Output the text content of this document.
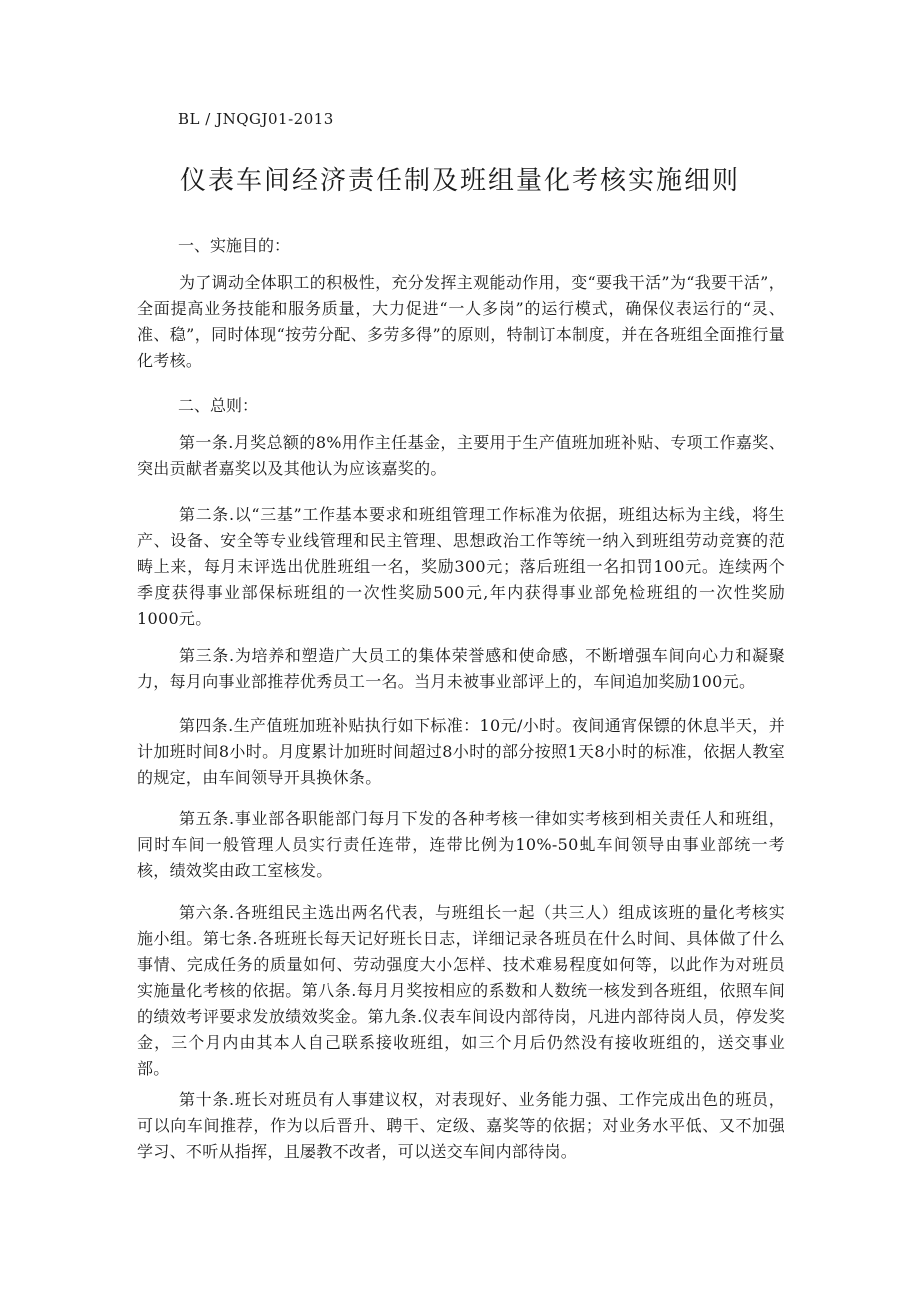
BL / JNQGJ01-2013
仪表车间经济责任制及班组量化考核实施细则
一、实施目的：
为了调动全体职工的积极性，充分发挥主观能动作用，变“要我干活”为“我要干活”，全面提高业务技能和服务质量，大力促进“一人多岗”的运行模式，确保仪表运行的“灵、准、稳”，同时体现“按劳分配、多劳多得”的原则，特制订本制度，并在各班组全面推行量化考核。
二、总则：
第一条.月奖总额的8%用作主任基金，主要用于生产值班加班补贴、专项工作嘉奖、突出贡献者嘉奖以及其他认为应该嘉奖的。
第二条.以“三基”工作基本要求和班组管理工作标准为依据，班组达标为主线，将生产、设备、安全等专业线管理和民主管理、思想政治工作等统一纳入到班组劳动竞赛的范畴上来，每月末评选出优胜班组一名，奖励300元；落后班组一名扣罚100元。连续两个季度获得事业部保标班组的一次性奖励500元,年内获得事业部免检班组的一次性奖励1000元。
第三条.为培养和塑造广大员工的集体荣誉感和使命感，不断增强车间向心力和凝聚力，每月向事业部推荐优秀员工一名。当月未被事业部评上的，车间追加奖励100元。
第四条.生产值班加班补贴执行如下标准：10元/小时。夜间通宵保镖的休息半天，并计加班时间8小时。月度累计加班时间超过8小时的部分按照1天8小时的标准，依据人教室的规定，由车间领导开具换休条。
第五条.事业部各职能部门每月下发的各种考核一律如实考核到相关责任人和班组，同时车间一般管理人员实行责任连带，连带比例为10%-50虬车间领导由事业部统一考核，绩效奖由政工室核发。
第六条.各班组民主选出两名代表，与班组长一起（共三人）组成该班的量化考核实施小组。第七条.各班班长每天记好班长日志，详细记录各班员在什么时间、具体做了什么事情、完成任务的质量如何、劳动强度大小怎样、技术难易程度如何等，以此作为对班员实施量化考核的依据。第八条.每月月奖按相应的系数和人数统一核发到各班组，依照车间的绩效考评要求发放绩效奖金。第九条.仪表车间设内部待岗，凡进内部待岗人员，停发奖金，三个月内由其本人自己联系接收班组，如三个月后仍然没有接收班组的，送交事业部。
第十条.班长对班员有人事建议权，对表现好、业务能力强、工作完成出色的班员，可以向车间推荐，作为以后晋升、聘干、定级、嘉奖等的依据；对业务水平低、又不加强学习、不听从指挥，且屡教不改者，可以送交车间内部待岗。
